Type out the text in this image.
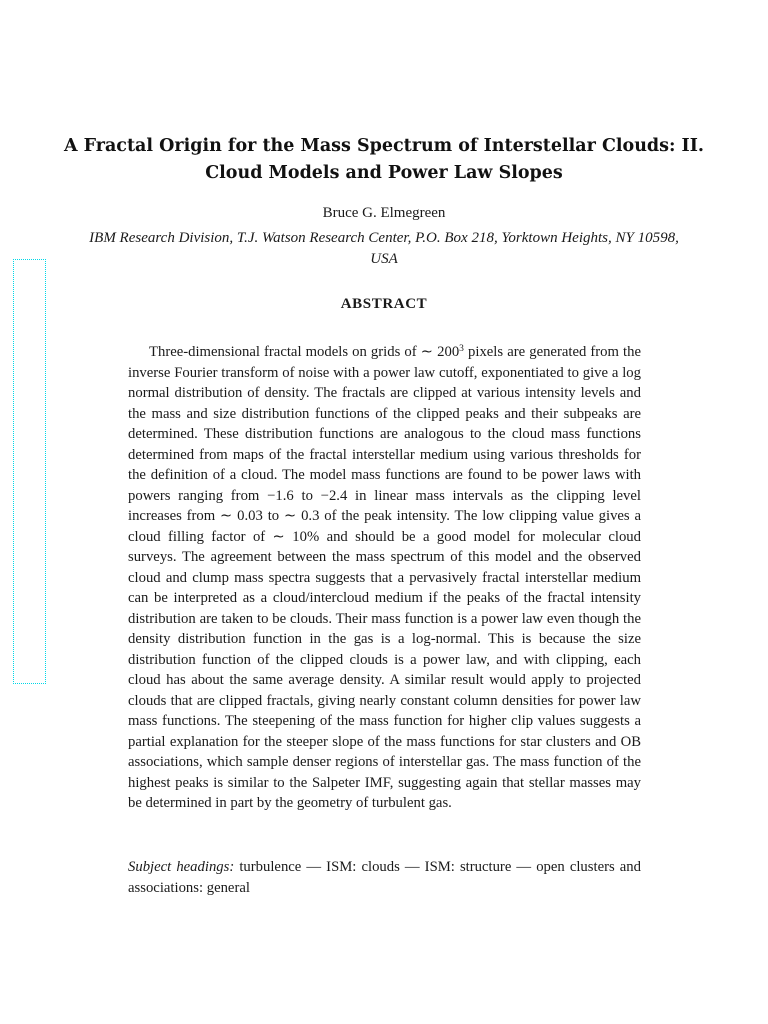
A Fractal Origin for the Mass Spectrum of Interstellar Clouds: II. Cloud Models and Power Law Slopes
Bruce G. Elmegreen
IBM Research Division, T.J. Watson Research Center, P.O. Box 218, Yorktown Heights, NY 10598, USA
ABSTRACT

Three-dimensional fractal models on grids of ∼ $200^3$ pixels are generated from the inverse Fourier transform of noise with a power law cutoff, exponentiated to give a log normal distribution of density. The fractals are clipped at various intensity levels and the mass and size distribution functions of the clipped peaks and their subpeaks are determined. These distribution functions are analogous to the cloud mass functions determined from maps of the fractal interstellar medium using various thresholds for the definition of a cloud. The model mass functions are found to be power laws with powers ranging from −1.6 to −2.4 in linear mass intervals as the clipping level increases from ∼ 0.03 to ∼ 0.3 of the peak intensity. The low clipping value gives a cloud filling factor of ∼ 10% and should be a good model for molecular cloud surveys. The agreement between the mass spectrum of this model and the observed cloud and clump mass spectra suggests that a pervasively fractal interstellar medium can be interpreted as a cloud/intercloud medium if the peaks of the fractal intensity distribution are taken to be clouds. Their mass function is a power law even though the density distribution function in the gas is a log-normal. This is because the size distribution function of the clipped clouds is a power law, and with clipping, each cloud has about the same average density. A similar result would apply to projected clouds that are clipped fractals, giving nearly constant column densities for power law mass functions. The steepening of the mass function for higher clip values suggests a partial explanation for the steeper slope of the mass functions for star clusters and OB associations, which sample denser regions of interstellar gas. The mass function of the highest peaks is similar to the Salpeter IMF, suggesting again that stellar masses may be determined in part by the geometry of turbulent gas.

Subject headings: turbulence — ISM: clouds — ISM: structure — open clusters and associations: general
